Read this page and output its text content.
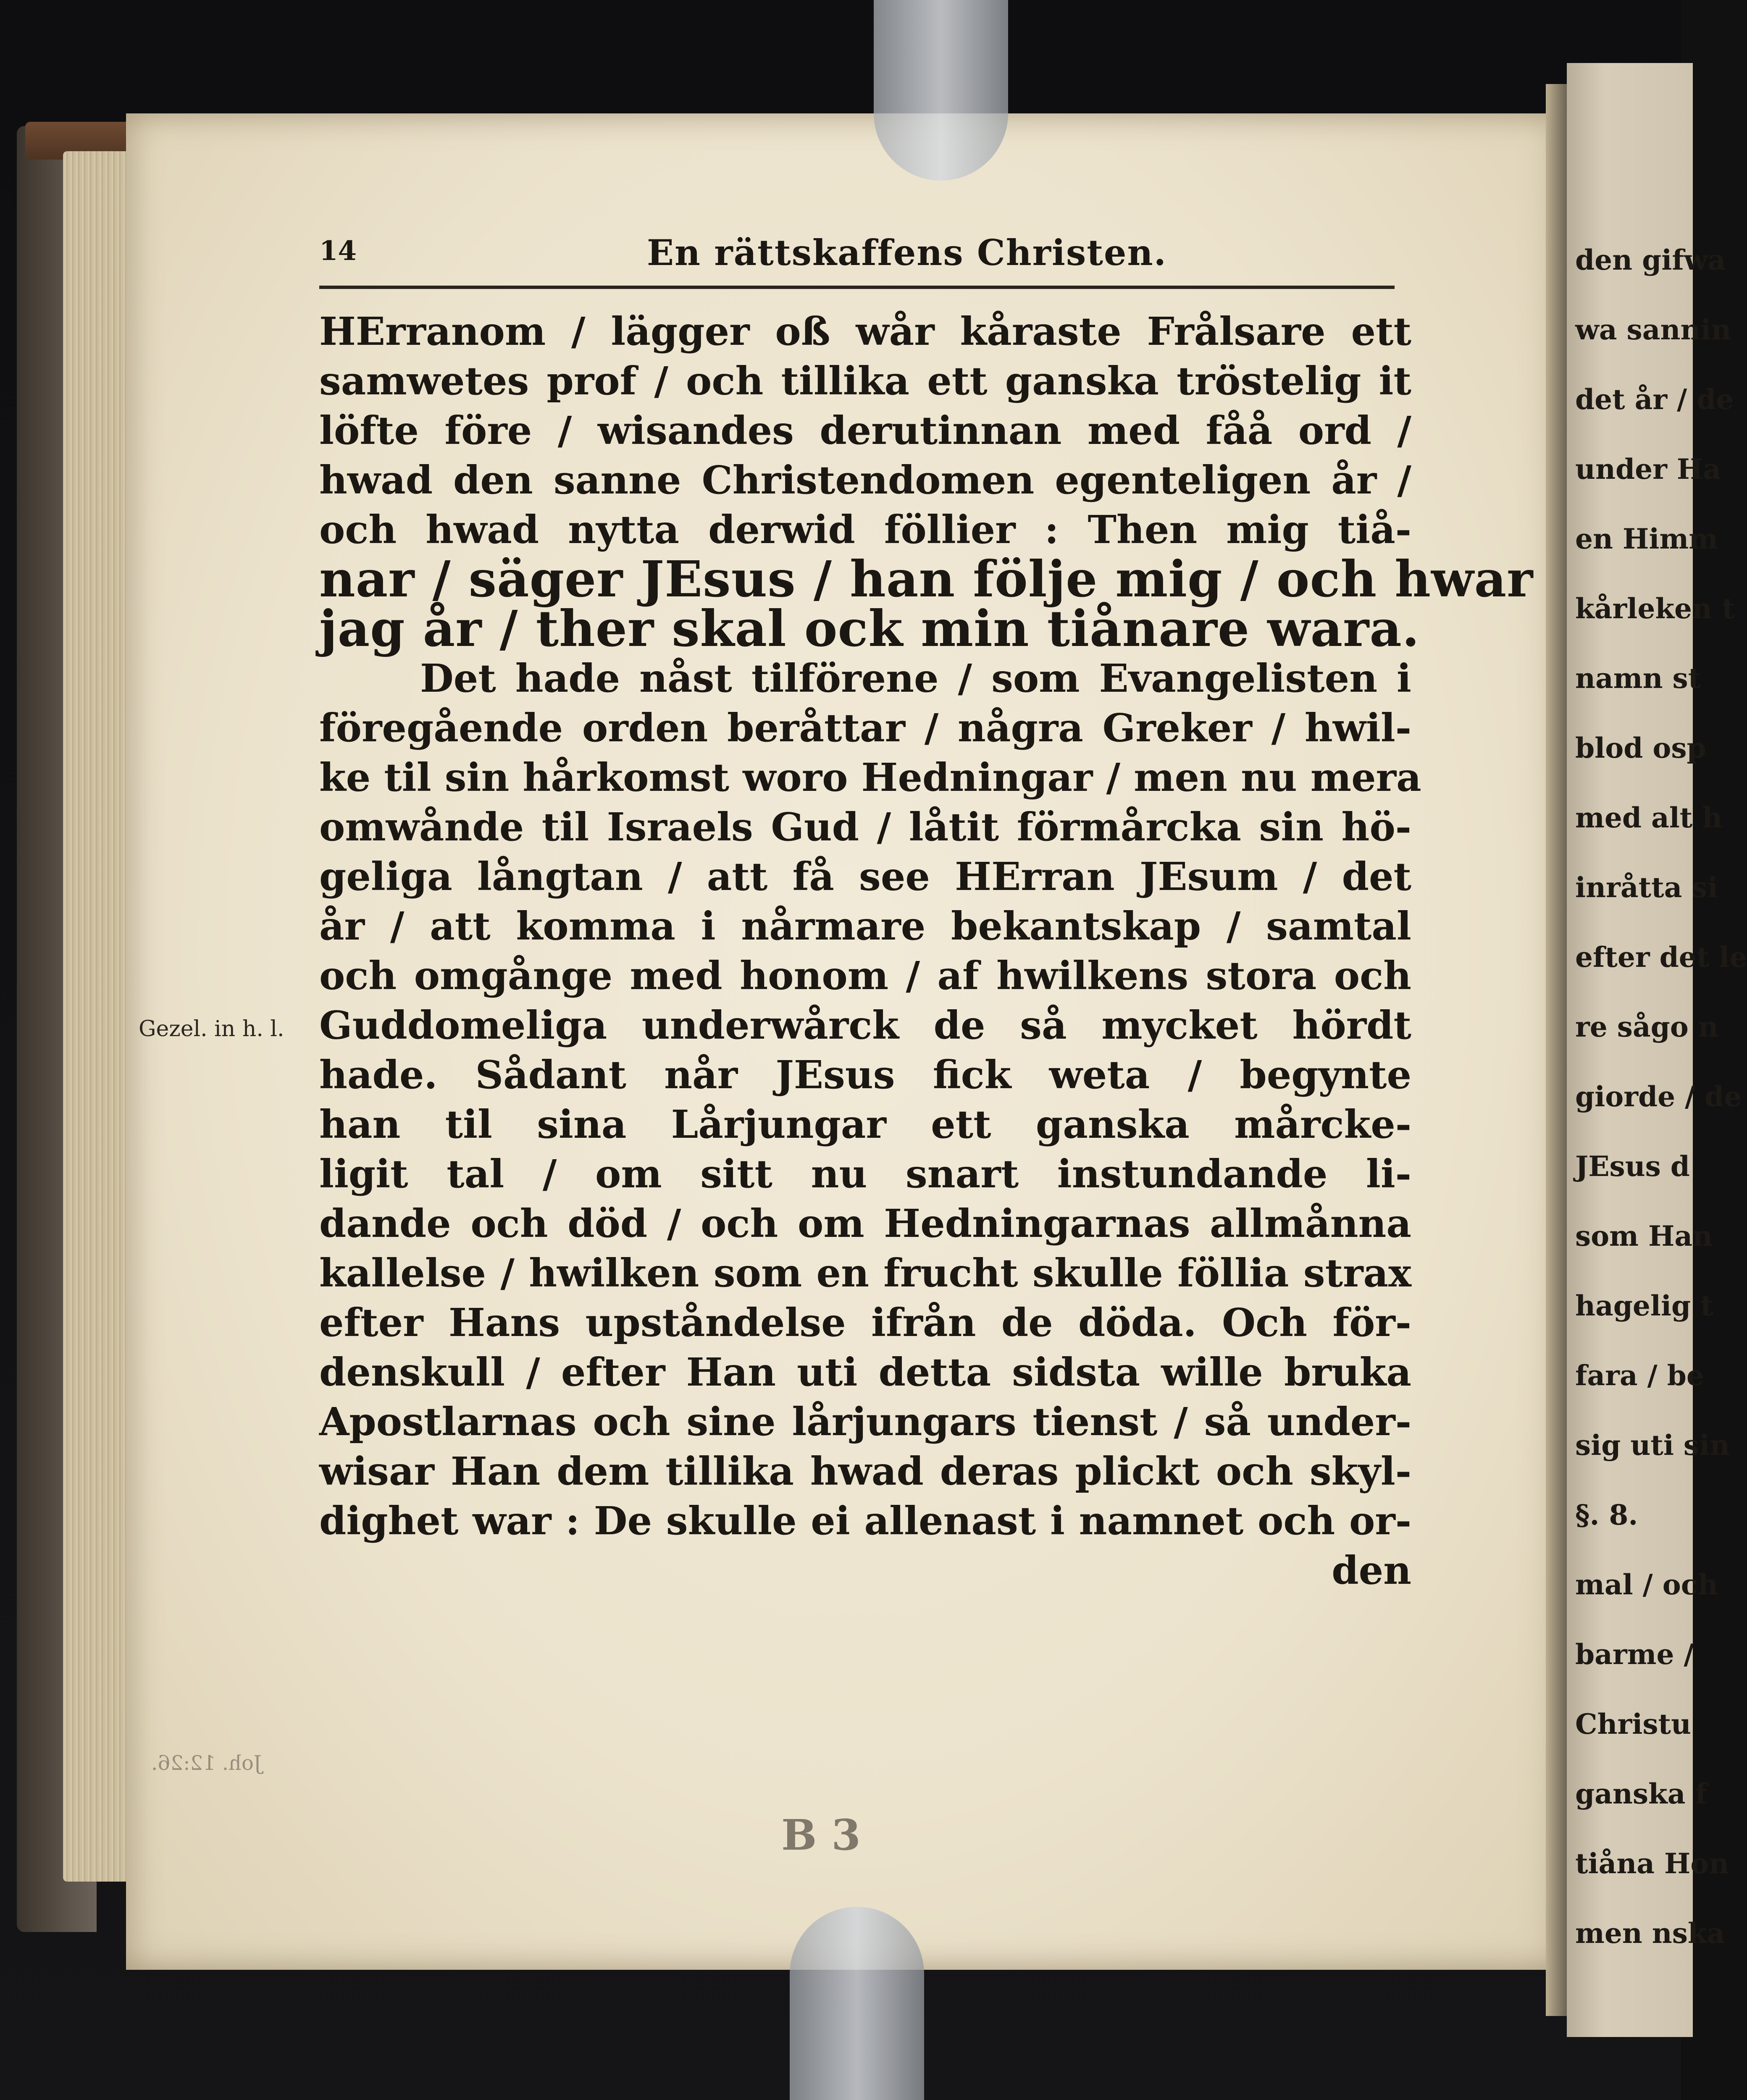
den gifwa
wa sannin
det år / de
under Ha
en Himm
kårleken t
namn st
blod osp
med alt h
inråtta si
efter det le
re sågo n
giorde / de
JEsus d
som Han
hagelig t
fara / be
sig uti sin
§. 8.
mal / och
barme /
Christu
ganska f
tiåna Hon
men nska
14	En rättskaffens Christen.
HErranom / lägger oß wår kåraste Frålsare ett
samwetes prof / och tillika ett ganska tröstelig it
löfte före / wisandes derutinnan med fåå ord /
hwad den sanne Christendomen egenteligen år /
och hwad nytta derwid föllier : Then mig tiå-
nar / säger JEsus / han följe mig / och hwar
jag år / ther skal ock min tiånare wara.
Det hade nåst tilförene / som Evangelisten i
föregående orden beråttar / några Greker / hwil-
ke til sin hårkomst woro Hedningar / men nu mera
omwånde til Israels Gud / låtit förmårcka sin hö-
geliga långtan / att få see HErran JEsum / det
år / att komma i nårmare bekantskap / samtal
och omgånge med honom / af hwilkens stora och
Guddomeliga underwårck de så mycket hördt
hade. Sådant når JEsus fick weta / begynte
han til sina Lårjungar ett ganska mårcke-
ligit tal / om sitt nu snart instundande li-
dande och död / och om Hedningarnas allmånna
kallelse / hwilken som en frucht skulle föllia strax
efter Hans upståndelse ifrån de döda. Och för-
denskull / efter Han uti detta sidsta wille bruka
Apostlarnas och sine lårjungars tienst / så under-
wisar Han dem tillika hwad deras plickt och skyl-
dighet war : De skulle ei allenast i namnet och or-
den
Gezel. in h. l.
Joh. 12:26.
B 3
